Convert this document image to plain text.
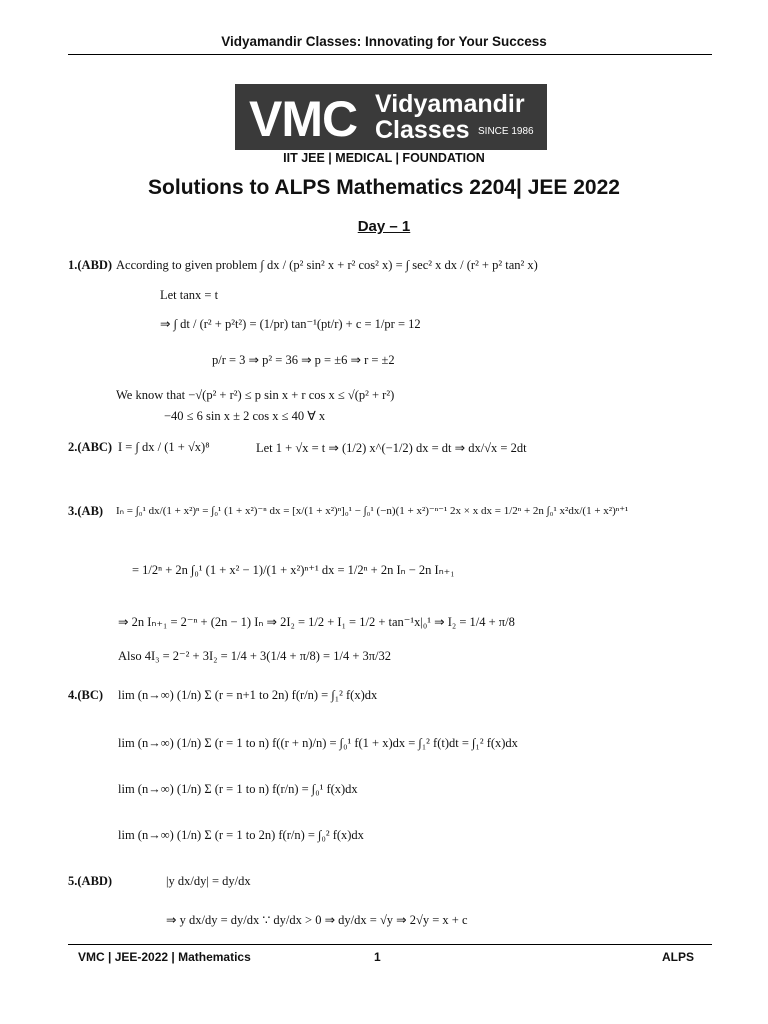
Vidyamandir Classes: Innovating for Your Success
VMC Vidyamandir
Classes SINCE 1986
IIT JEE | MEDICAL | FOUNDATION
Solutions to ALPS Mathematics 2204| JEE 2022
Day – 1
1.(ABD) According to given problem ∫ dx / (p² sin² x + r² cos² x) = ∫ sec² x dx / (r² + p² tan² x)
Let tanx = t
⇒ ∫ dt / (r² + p²t²) = (1/pr) tan⁻¹(pt/r) + c = 1/pr = 12
p/r = 3 ⇒ p² = 36 ⇒ p = ±6 ⇒ r = ±2
We know that −√(p² + r²) ≤ p sin x + r cos x ≤ √(p² + r²)
−40 ≤ 6 sin x ± 2 cos x ≤ 40 ∀ x
2.(ABC) I = ∫ dx / (1 + √x)⁸	Let 1 + √x = t ⇒ (1/2) x^(−1/2) dx = dt ⇒ dx/√x = 2dt
3.(AB) Iₙ = ∫₀¹ dx/(1 + x²)ⁿ = ∫₀¹ (1 + x²)⁻ⁿ dx = [x/(1 + x²)ⁿ]₀¹ − ∫₀¹ (−n)(1 + x²)⁻ⁿ⁻¹ 2x × x dx = 1/2ⁿ + 2n ∫₀¹ x²dx/(1 + x²)ⁿ⁺¹
= 1/2ⁿ + 2n ∫₀¹ (1 + x² − 1)/(1 + x²)ⁿ⁺¹ dx = 1/2ⁿ + 2n Iₙ − 2n Iₙ₊₁
⇒ 2n Iₙ₊₁ = 2⁻ⁿ + (2n − 1) Iₙ ⇒ 2I₂ = 1/2 + I₁ = 1/2 + tan⁻¹x|₀¹ ⇒ I₂ = 1/4 + π/8
Also 4I₃ = 2⁻² + 3I₂ = 1/4 + 3(1/4 + π/8) = 1/4 + 3π/32
4.(BC) lim (n→∞) (1/n) Σ (r = n+1 to 2n) f(r/n) = ∫₁² f(x)dx
lim (n→∞) (1/n) Σ (r = 1 to n) f((r + n)/n) = ∫₀¹ f(1 + x)dx = ∫₁² f(t)dt = ∫₁² f(x)dx
lim (n→∞) (1/n) Σ (r = 1 to n) f(r/n) = ∫₀¹ f(x)dx
lim (n→∞) (1/n) Σ (r = 1 to 2n) f(r/n) = ∫₀² f(x)dx
5.(ABD)	|y dx/dy| = dy/dx
⇒ y dx/dy = dy/dx ∵ dy/dx > 0 ⇒ dy/dx = √y ⇒ 2√y = x + c
VMC | JEE-2022 | Mathematics	1	ALPS
